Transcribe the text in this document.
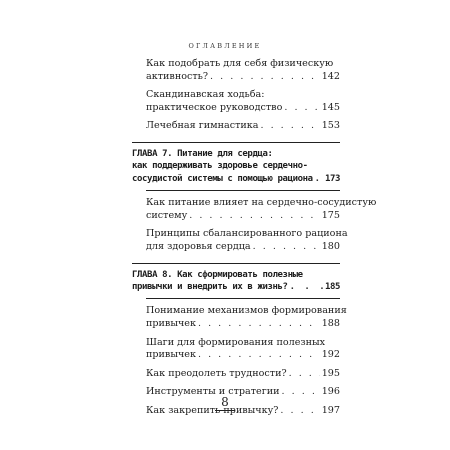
ОГЛАВЛЕНИЕ
Как подобрать для себя физическую
активность? . . .	142
Скандинавская ходьба:
практическое руководство . . .	145
Лечебная гимнастика . . .	153
ГЛАВА 7. Питание для сердца:
как поддерживать здоровье сердечно-
сосудистой системы с помощью рациона . . . 173
Как питание влияет на сердечно-сосудистую
систему . . .	175
Принципы сбалансированного рациона
для здоровья сердца . . .	180
ГЛАВА 8. Как сформировать полезные
привычки и внедрить их в жизнь? . . .	185
Понимание механизмов формирования
привычек . . .	188
Шаги для формирования полезных
привычек . . .	192
Как преодолеть трудности? . . .	195
Инструменты и стратегии . . .	196
Как закрепить привычку? . . .	197
8
